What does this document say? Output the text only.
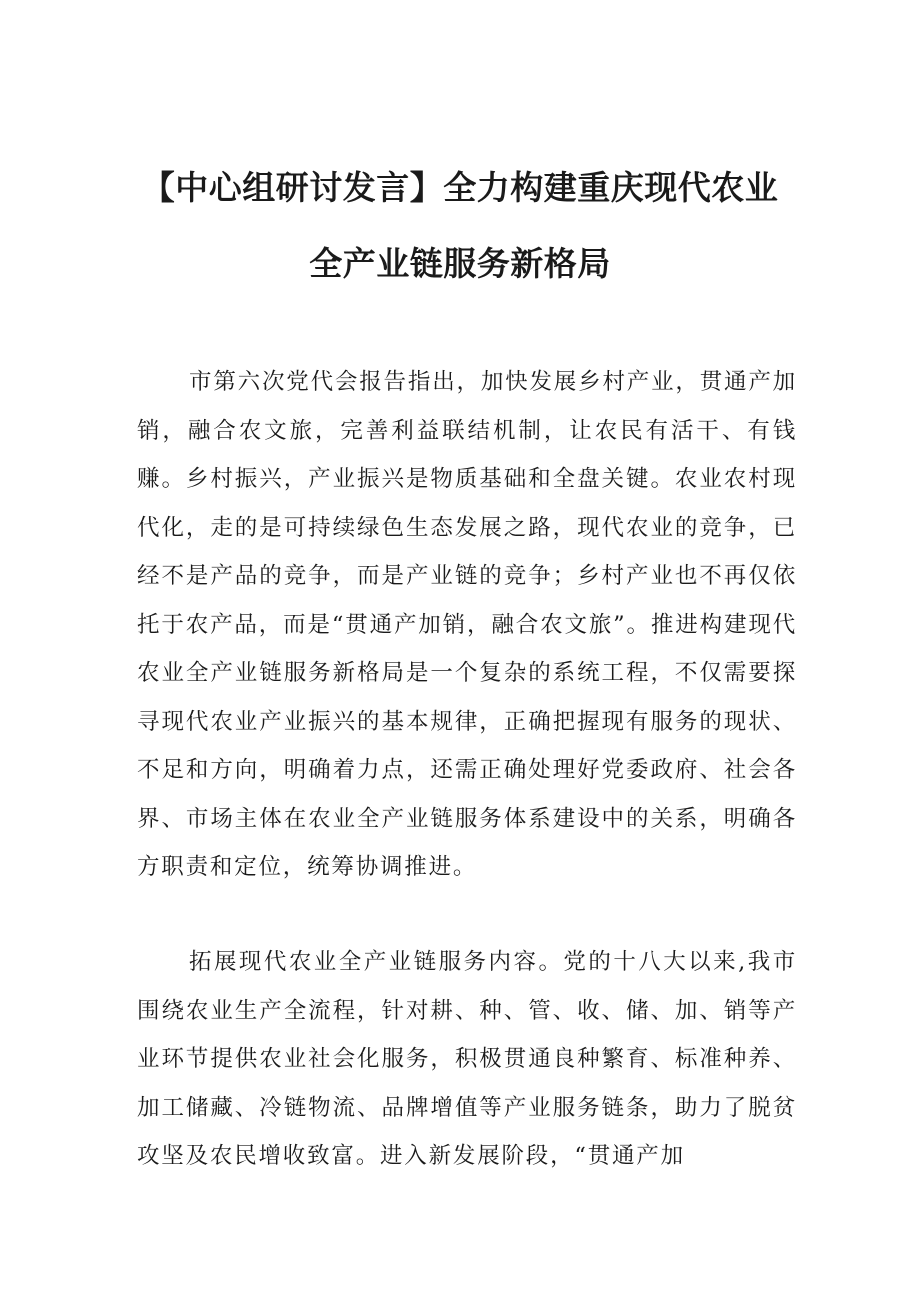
【中心组研讨发言】全力构建重庆现代农业
全产业链服务新格局

市第六次党代会报告指出，加快发展乡村产业，贯通产加销，融合农文旅，完善利益联结机制，让农民有活干、有钱赚。乡村振兴，产业振兴是物质基础和全盘关键。农业农村现代化，走的是可持续绿色生态发展之路，现代农业的竞争，已经不是产品的竞争，而是产业链的竞争；乡村产业也不再仅依托于农产品，而是“贯通产加销，融合农文旅”。推进构建现代农业全产业链服务新格局是一个复杂的系统工程，不仅需要探寻现代农业产业振兴的基本规律，正确把握现有服务的现状、不足和方向，明确着力点，还需正确处理好党委政府、社会各界、市场主体在农业全产业链服务体系建设中的关系，明确各方职责和定位，统筹协调推进。

拓展现代农业全产业链服务内容。党的十八大以来,我市围绕农业生产全流程，针对耕、种、管、收、储、加、销等产业环节提供农业社会化服务，积极贯通良种繁育、标准种养、加工储藏、冷链物流、品牌增值等产业服务链条，助力了脱贫攻坚及农民增收致富。进入新发展阶段，“贯通产加
